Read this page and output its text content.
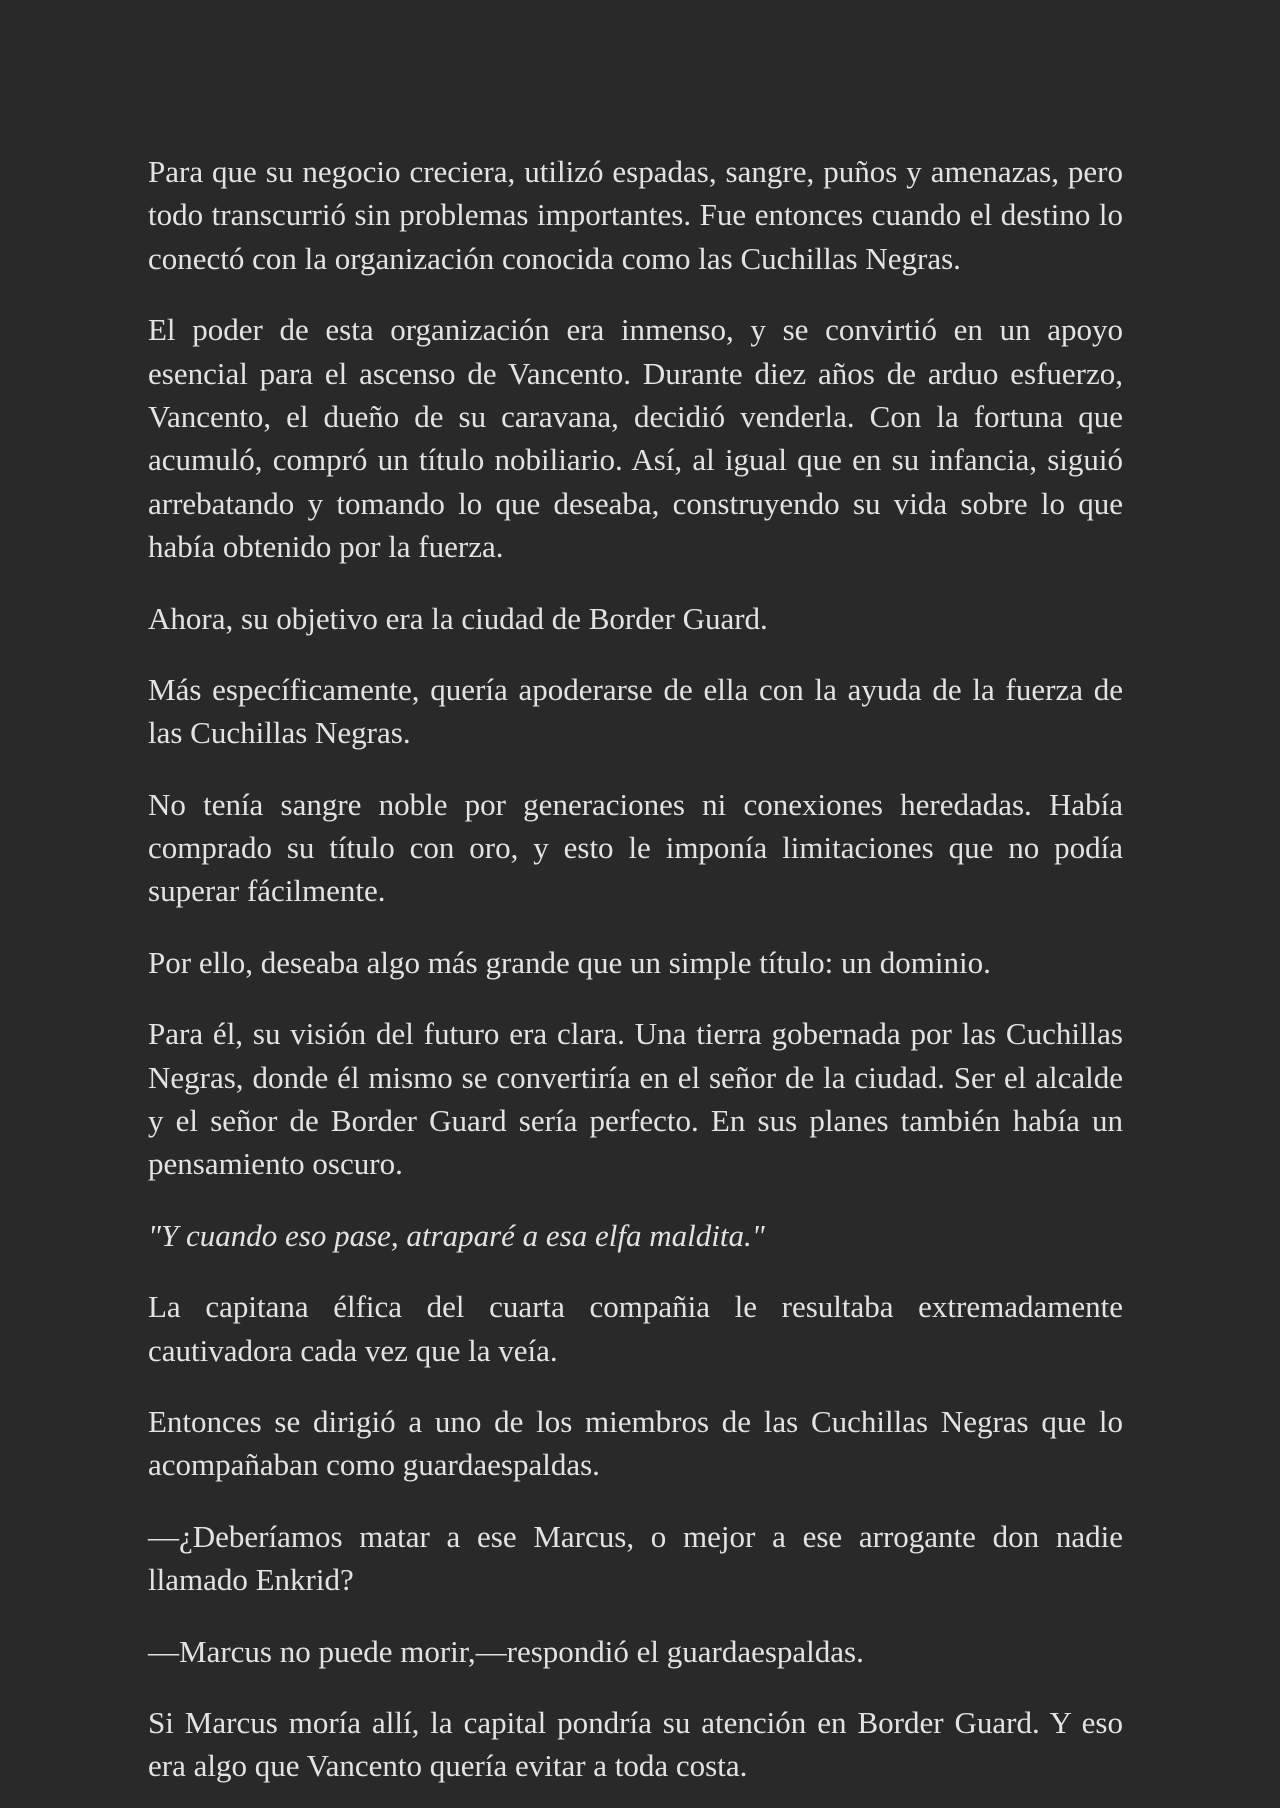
Para que su negocio creciera, utilizó espadas, sangre, puños y amenazas, pero todo transcurrió sin problemas importantes. Fue entonces cuando el destino lo conectó con la organización conocida como las Cuchillas Negras.

El poder de esta organización era inmenso, y se convirtió en un apoyo esencial para el ascenso de Vancento. Durante diez años de arduo esfuerzo, Vancento, el dueño de su caravana, decidió venderla. Con la fortuna que acumuló, compró un título nobiliario. Así, al igual que en su infancia, siguió arrebatando y tomando lo que deseaba, construyendo su vida sobre lo que había obtenido por la fuerza.

Ahora, su objetivo era la ciudad de Border Guard.

Más específicamente, quería apoderarse de ella con la ayuda de la fuerza de las Cuchillas Negras.

No tenía sangre noble por generaciones ni conexiones heredadas. Había comprado su título con oro, y esto le imponía limitaciones que no podía superar fácilmente.

Por ello, deseaba algo más grande que un simple título: un dominio.

Para él, su visión del futuro era clara. Una tierra gobernada por las Cuchillas Negras, donde él mismo se convertiría en el señor de la ciudad. Ser el alcalde y el señor de Border Guard sería perfecto. En sus planes también había un pensamiento oscuro.

"Y cuando eso pase, atraparé a esa elfa maldita."

La capitana élfica del cuarta compañia le resultaba extremadamente cautivadora cada vez que la veía.

Entonces se dirigió a uno de los miembros de las Cuchillas Negras que lo acompañaban como guardaespaldas.

—¿Deberíamos matar a ese Marcus, o mejor a ese arrogante don nadie llamado Enkrid?

—Marcus no puede morir,—respondió el guardaespaldas.

Si Marcus moría allí, la capital pondría su atención en Border Guard. Y eso era algo que Vancento quería evitar a toda costa.
